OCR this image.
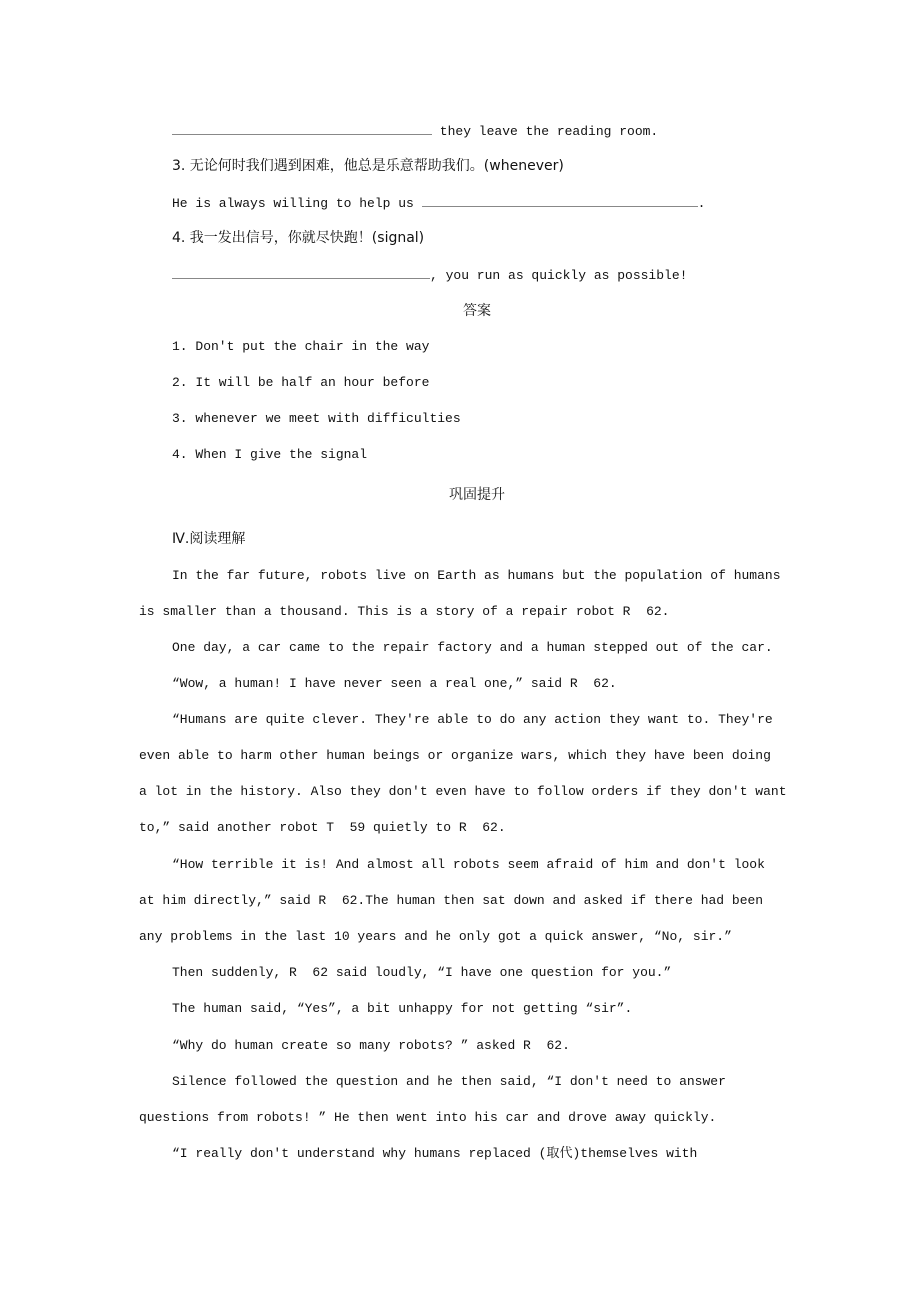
they leave the reading room.
3. 无论何时我们遇到困难，他总是乐意帮助我们。(whenever)
He is always willing to help us	.
4. 我一发出信号，你就尽快跑！(signal)
, you run as quickly as possible!
答案
1. Don't put the chair in the way
2. It will be half an hour before
3. whenever we meet with difficulties
4. When I give the signal
巩固提升
Ⅳ.阅读理解
In the far future, robots live on Earth as humans but the population of humans
is smaller than a thousand. This is a story of a repair robot R  62.
One day, a car came to the repair factory and a human stepped out of the car.
“Wow, a human! I have never seen a real one,” said R  62.
“Humans are quite clever. They're able to do any action they want to. They're
even able to harm other human beings or organize wars, which they have been doing
a lot in the history. Also they don't even have to follow orders if they don't want
to,” said another robot T  59 quietly to R  62.
“How terrible it is! And almost all robots seem afraid of him and don't look
at him directly,” said R  62.The human then sat down and asked if there had been
any problems in the last 10 years and he only got a quick answer, “No, sir.”
Then suddenly, R  62 said loudly, “I have one question for you.”
The human said, “Yes”, a bit unhappy for not getting “sir”.
“Why do human create so many robots? ” asked R  62.
Silence followed the question and he then said, “I don't need to answer
questions from robots! ” He then went into his car and drove away quickly.
“I really don't understand why humans replaced (取代)themselves with
